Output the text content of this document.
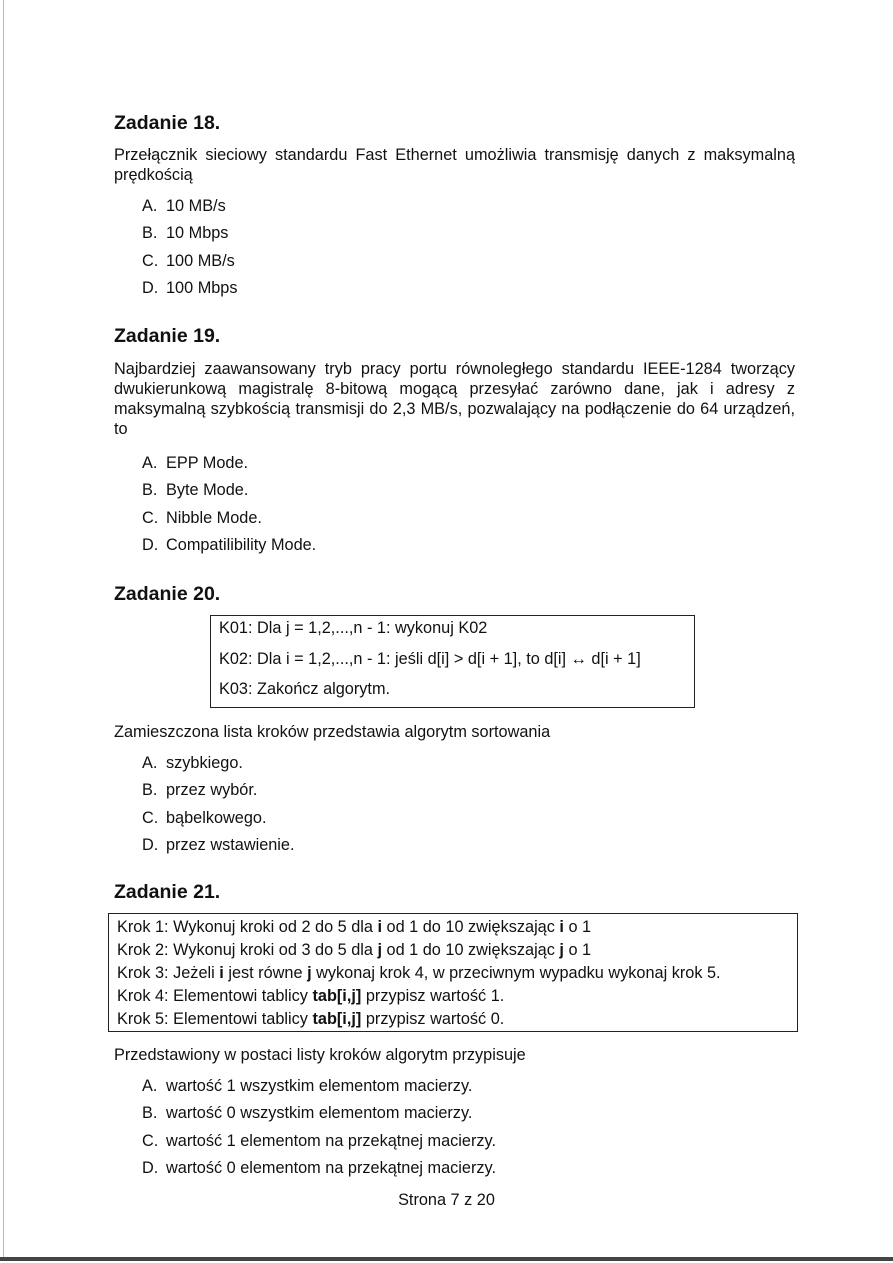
Zadanie 18.

Przełącznik sieciowy standardu Fast Ethernet umożliwia transmisję danych z maksymalną prędkością

A. 10 MB/s
B. 10 Mbps
C. 100 MB/s
D. 100 Mbps
Zadanie 19.

Najbardziej zaawansowany tryb pracy portu równoległego standardu IEEE-1284 tworzący dwukierunkową magistralę 8-bitową mogącą przesyłać zarówno dane, jak i adresy z maksymalną szybkością transmisji do 2,3 MB/s, pozwalający na podłączenie do 64 urządzeń, to

A. EPP Mode.
B. Byte Mode.
C. Nibble Mode.
D. Compatilibility Mode.
Zadanie 20.
K01: Dla j = 1,2,...,n - 1: wykonuj K02
K02: Dla i = 1,2,...,n - 1: jeśli d[i] > d[i + 1], to d[i] ↔ d[i + 1]
K03: Zakończ algorytm.

Zamieszczona lista kroków przedstawia algorytm sortowania

A. szybkiego.
B. przez wybór.
C. bąbelkowego.
D. przez wstawienie.
Zadanie 21.
Krok 1: Wykonuj kroki od 2 do 5 dla i od 1 do 10 zwiększając i o 1
Krok 2: Wykonuj kroki od 3 do 5 dla j od 1 do 10 zwiększając j o 1
Krok 3: Jeżeli i jest równe j wykonaj krok 4, w przeciwnym wypadku wykonaj krok 5.
Krok 4: Elementowi tablicy tab[i,j] przypisz wartość 1.
Krok 5: Elementowi tablicy tab[i,j] przypisz wartość 0.

Przedstawiony w postaci listy kroków algorytm przypisuje

A. wartość 1 wszystkim elementom macierzy.
B. wartość 0 wszystkim elementom macierzy.
C. wartość 1 elementom na przekątnej macierzy.
D. wartość 0 elementom na przekątnej macierzy.
Strona 7 z 20
